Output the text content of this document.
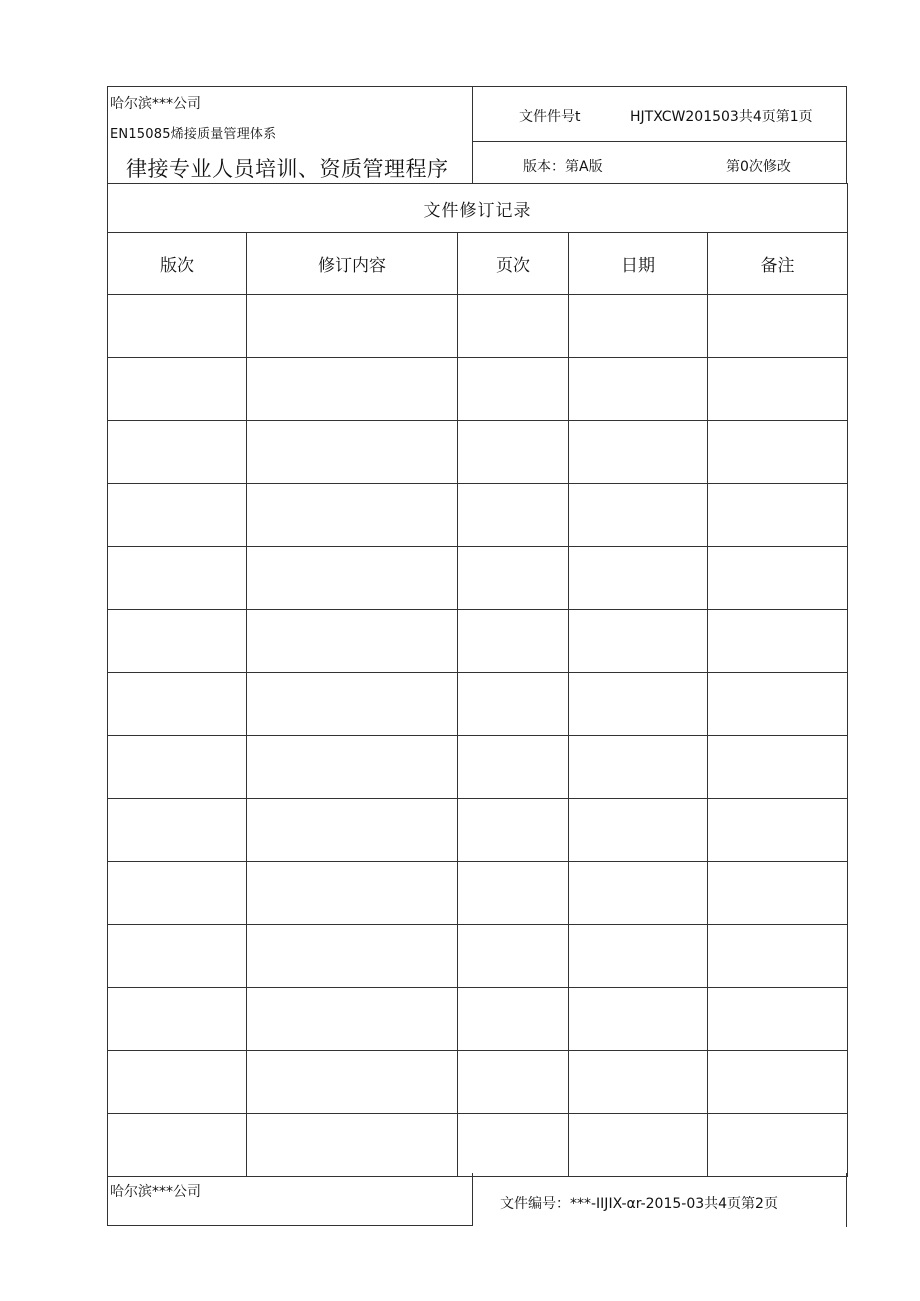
哈尔滨***公司
EN15085烯接质量管理体系
律接专业人员培训、资质管理程序
文件件号t	HJTXCW201503共4页第1页
版本：第A版	第0次修改
文件修订记录				
版次	修订内容	页次	日期	备注

哈尔滨***公司
文件编号：***-IIJIX-αr-2015-03共4页第2页
